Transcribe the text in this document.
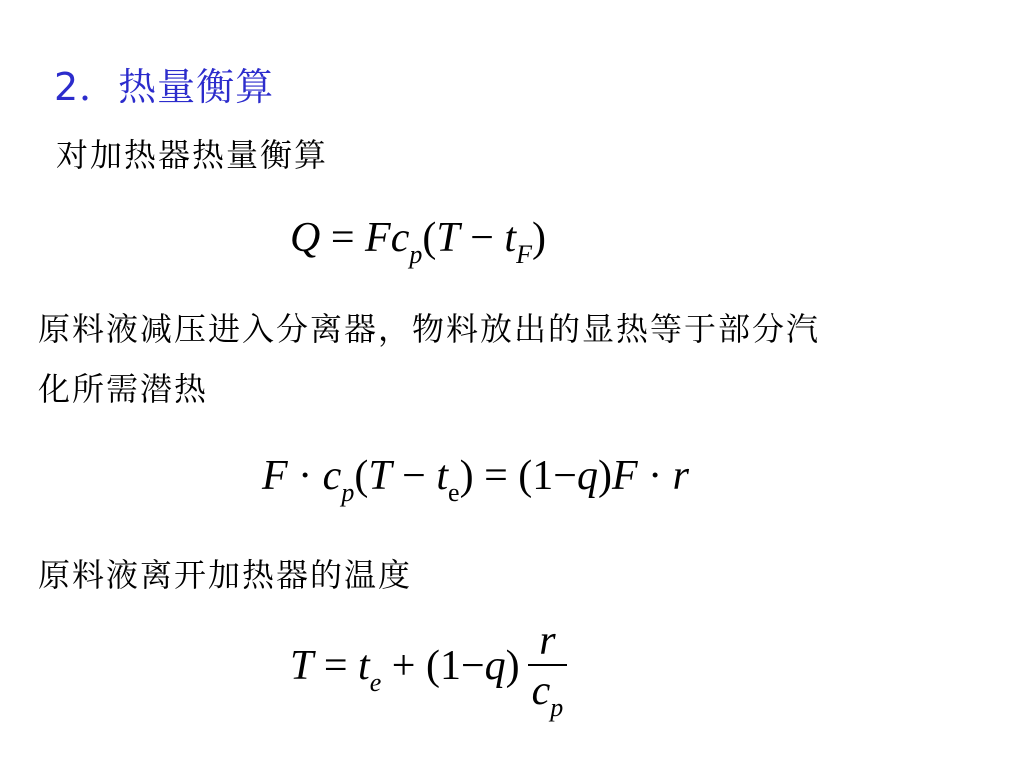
2．热量衡算
对加热器热量衡算
$Q = Fc_p(T - t_F)$
原料液减压进入分离器，物料放出的显热等于部分汽
化所需潜热
$F \cdot c_p(T - t_e) = (1-q)F \cdot r$
原料液离开加热器的温度
$T = t_e + (1-q) \frac{r}{c_p}$
